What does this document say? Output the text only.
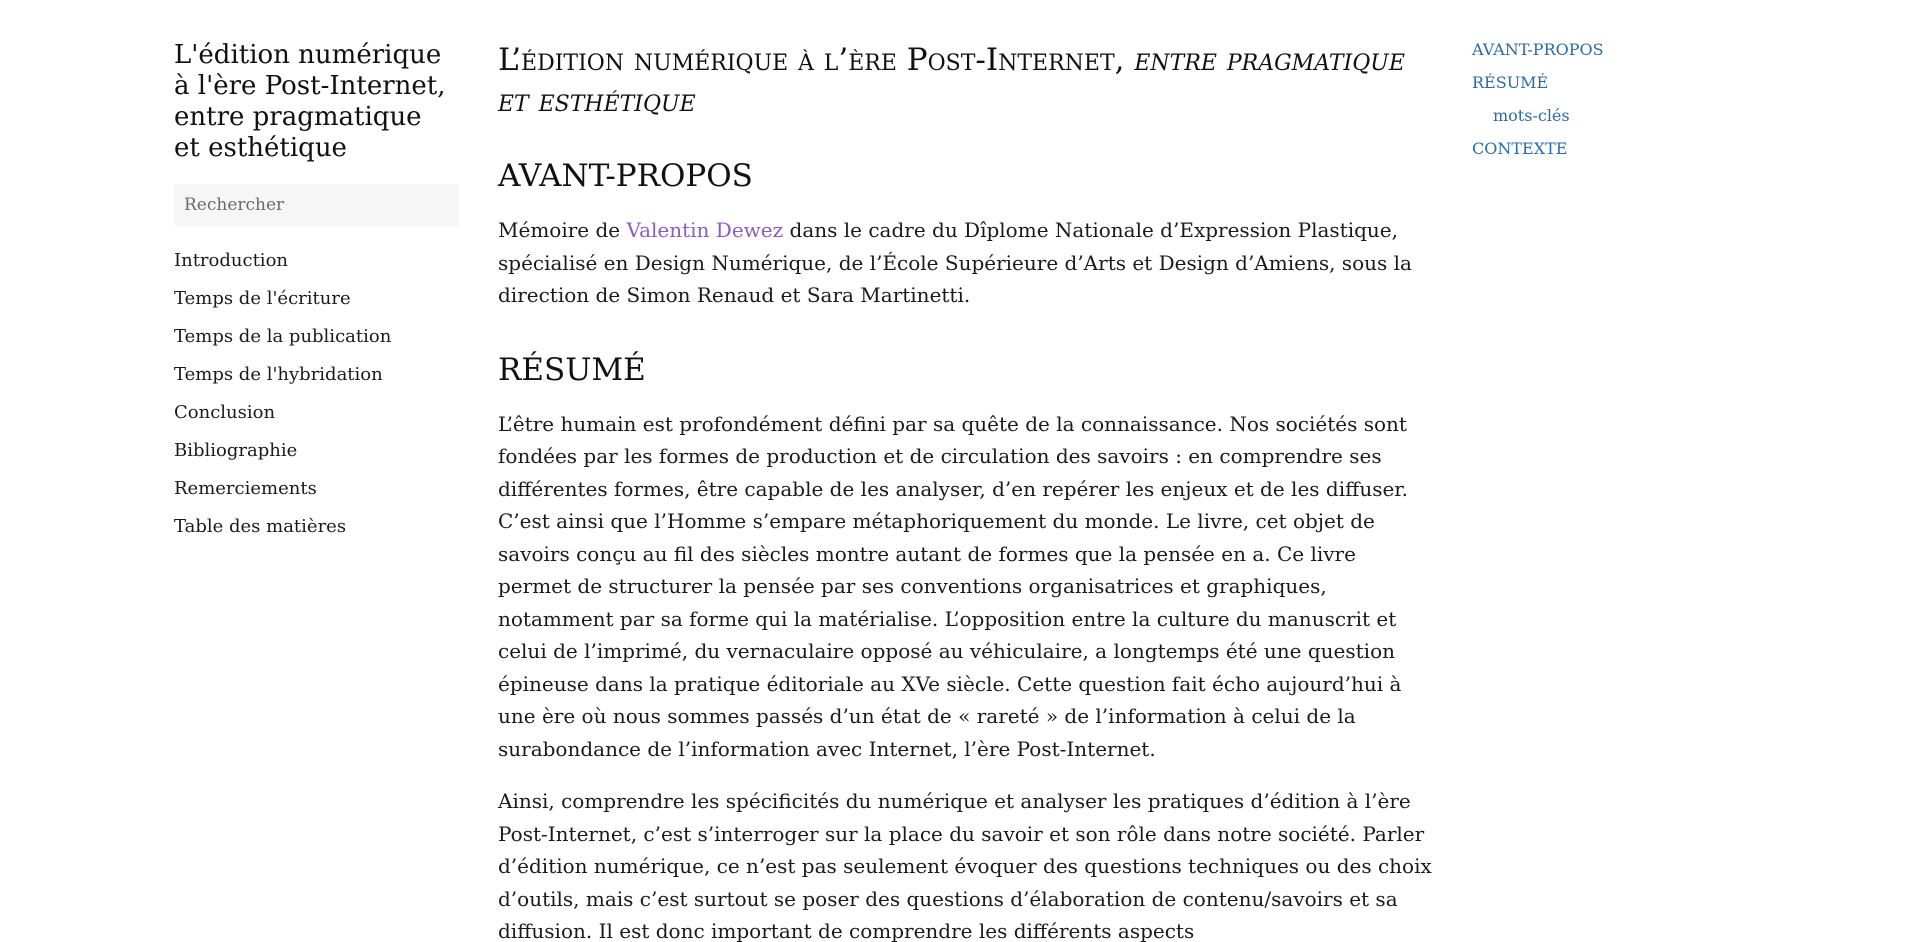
L'édition numérique
à l'ère Post-Internet,
entre pragmatique
et esthétique
Rechercher
Introduction
Temps de l'écriture
Temps de la publication
Temps de l'hybridation
Conclusion
Bibliographie
Remerciements
Table des matières
L’édition numérique à l’ère Post-Internet, entre pragmatique et esthétique
AVANT-PROPOS

Mémoire de Valentin Dewez dans le cadre du Dîplome Nationale d’Expression Plastique, spécialisé en Design Numérique, de l’École Supérieure d’Arts et Design d’Amiens, sous la direction de Simon Renaud et Sara Martinetti.

RÉSUMÉ

L’être humain est profondément défini par sa quête de la connaissance. Nos sociétés sont fondées par les formes de production et de circulation des savoirs : en comprendre ses différentes formes, être capable de les analyser, d’en repérer les enjeux et de les diffuser. C’est ainsi que l’Homme s’empare métaphoriquement du monde. Le livre, cet objet de savoirs conçu au fil des siècles montre autant de formes que la pensée en a. Ce livre permet de structurer la pensée par ses conventions organisatrices et graphiques, notamment par sa forme qui la matérialise. L’opposition entre la culture du manuscrit et celui de l’imprimé, du vernaculaire opposé au véhiculaire, a longtemps été une question épineuse dans la pratique éditoriale au XVe siècle. Cette question fait écho aujourd’hui à une ère où nous sommes passés d’un état de « rareté » de l’information à celui de la surabondance de l’information avec Internet, l’ère Post-Internet.

Ainsi, comprendre les spécificités du numérique et analyser les pratiques d’édition à l’ère Post-Internet, c’est s’interroger sur la place du savoir et son rôle dans notre société. Parler d’édition numérique, ce n’est pas seulement évoquer des questions techniques ou des choix d’outils, mais c’est surtout se poser des questions d’élaboration de contenu/savoirs et sa diffusion. Il est donc important de comprendre les différents aspects

AVANT-PROPOS
RÉSUMÉ
mots-clés
CONTEXTE
